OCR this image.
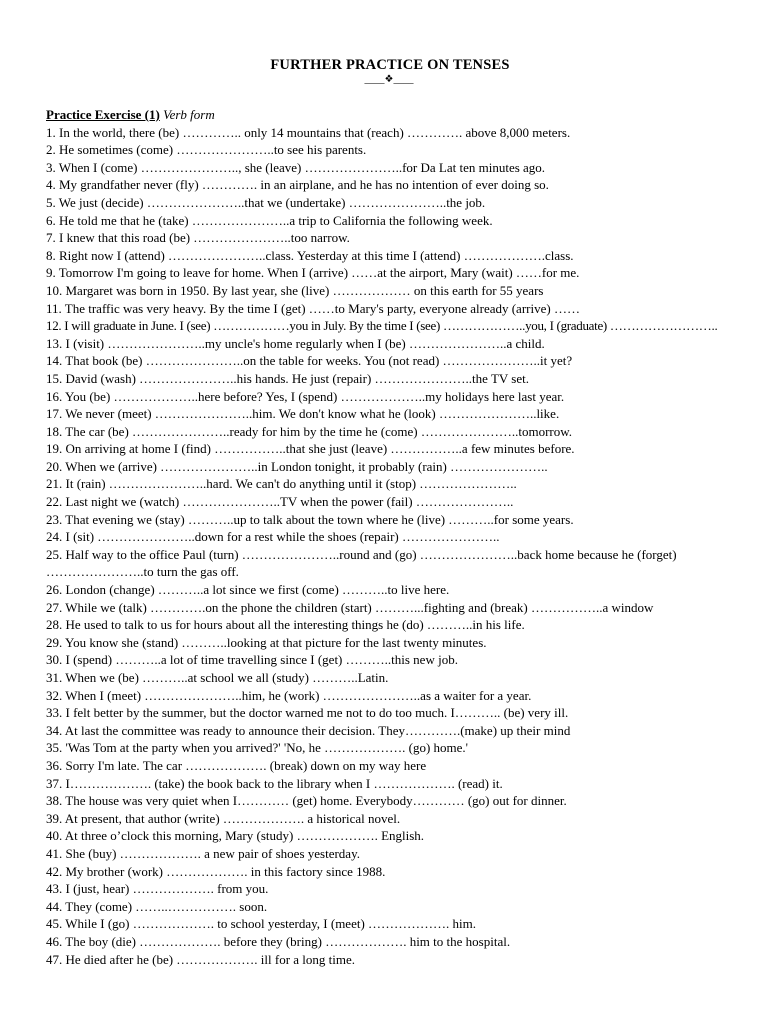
FURTHER PRACTICE ON TENSES
____❖____
Practice Exercise (1) Verb form
1. In the world, there (be) ………….. only 14 mountains that (reach) …………. above 8,000 meters.
2. He sometimes (come) …………………..to see his parents.
3. When I (come) ………………….., she (leave) …………………..for Da Lat ten minutes ago.
4. My grandfather never (fly) …………. in an airplane, and he has no intention of ever doing so.
5. We just (decide) …………………..that we (undertake) …………………..the job.
6. He told me that he (take) …………………..a trip to California the following week.
7. I knew that this road (be) …………………..too narrow.
8. Right now I (attend) …………………..class. Yesterday at this time I (attend) ……………….class.
9. Tomorrow I'm going to leave for home. When I (arrive) ……at the airport, Mary (wait) ……for me.
10. Margaret was born in 1950. By last year, she (live) ……………… on this earth for 55 years
11. The traffic was very heavy. By the time I (get) ……to Mary's party, everyone already (arrive) ……
12. I will graduate in June. I (see) ………………you in July. By the time I (see) ………………..you, I (graduate) ……………………..
13. I (visit) …………………..my uncle's home regularly when I (be) …………………..a child.
14. That book (be) …………………..on the table for weeks. You (not read) …………………..it yet?
15. David (wash) …………………..his hands. He just (repair) …………………..the TV set.
16. You (be) ………………..here before? Yes, I (spend) ………………..my holidays here last year.
17. We never (meet) …………………..him. We don't know what he (look) …………………..like.
18. The car (be) …………………..ready for him by the time he (come) …………………..tomorrow.
19. On arriving at home I (find) ……………..that she just (leave) ……………..a few minutes before.
20. When we (arrive) …………………..in London tonight, it probably (rain) …………………..
21. It (rain) …………………..hard. We can't do anything until it (stop) …………………..
22. Last night we (watch) …………………..TV when the power (fail) …………………..
23. That evening we (stay) ………..up to talk about the town where he (live) ………..for some years.
24. I (sit) …………………..down for a rest while the shoes (repair) …………………..
25. Half way to the office Paul (turn) …………………..round and (go) …………………..back home because he (forget) …………………..to turn the gas off.
26. London (change) ………..a lot since we first (come) ………..to live here.
27. While we (talk) ………….on the phone the children (start) ………...fighting and (break) ……………..a window
28. He used to talk to us for hours about all the interesting things he (do) ………..in his life.
29. You know she (stand) ………..looking at that picture for the last twenty minutes.
30. I (spend) ………..a lot of time travelling since I (get) ………..this new job.
31. When we (be) ………..at school we all (study) ………..Latin.
32. When I (meet) …………………..him, he (work) …………………..as a waiter for a year.
33. I felt better by the summer, but the doctor warned me not to do too much. I……….. (be) very ill.
34. At last the committee was ready to announce their decision. They………….(make) up their mind
35. 'Was Tom at the party when you arrived?' 'No, he ………………. (go) home.'
36. Sorry I'm late. The car ………………. (break) down on my way here
37. I………………. (take) the book back to the library when I ………………. (read) it.
38. The house was very quiet when I………… (get) home. Everybody………… (go) out for dinner.
39. At present, that author (write) ………………. a historical novel.
40. At three o’clock this morning, Mary (study) ………………. English.
41. She (buy) ………………. a new pair of shoes yesterday.
42. My brother (work) ………………. in this factory since 1988.
43. I (just, hear) ………………. from you.
44. They (come) ……..……………. soon.
45. While I (go) ………………. to school yesterday, I (meet) ………………. him.
46. The boy (die) ………………. before they (bring) ………………. him to the hospital.
47. He died after he (be) ………………. ill for a long time.
